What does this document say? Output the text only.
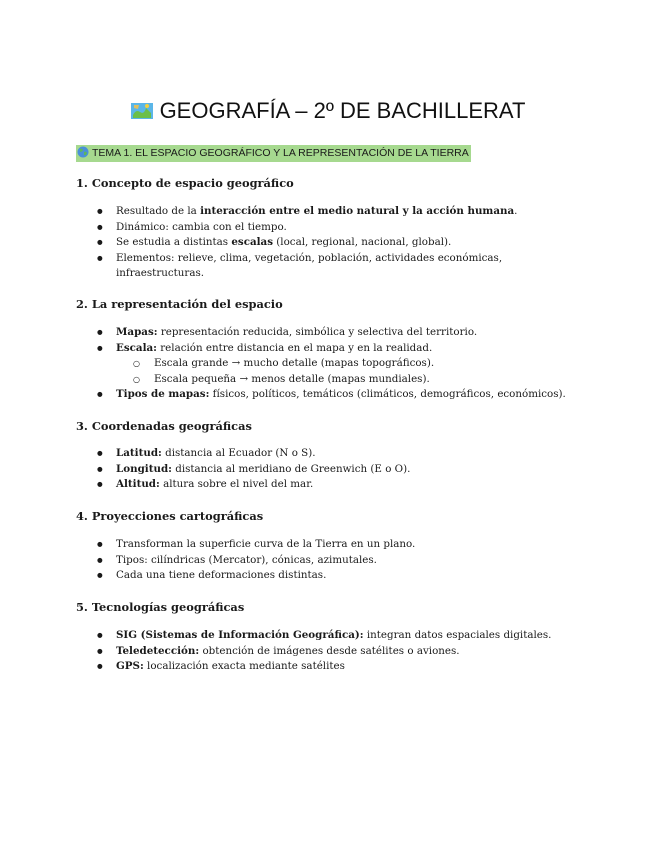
GEOGRAFÍA – 2º DE BACHILLERAT
TEMA 1. EL ESPACIO GEOGRÁFICO Y LA REPRESENTACIÓN DE LA TIERRA
1. Concepto de espacio geográfico
● Resultado de la interacción entre el medio natural y la acción humana.
● Dinámico: cambia con el tiempo.
● Se estudia a distintas escalas (local, regional, nacional, global).
● Elementos: relieve, clima, vegetación, población, actividades económicas, infraestructuras.
2. La representación del espacio
● Mapas: representación reducida, simbólica y selectiva del territorio.
● Escala: relación entre distancia en el mapa y en la realidad.
○ Escala grande → mucho detalle (mapas topográficos).
○ Escala pequeña → menos detalle (mapas mundiales).
● Tipos de mapas: físicos, políticos, temáticos (climáticos, demográficos, económicos).
3. Coordenadas geográficas
● Latitud: distancia al Ecuador (N o S).
● Longitud: distancia al meridiano de Greenwich (E o O).
● Altitud: altura sobre el nivel del mar.
4. Proyecciones cartográficas
● Transforman la superficie curva de la Tierra en un plano.
● Tipos: cilíndricas (Mercator), cónicas, azimutales.
● Cada una tiene deformaciones distintas.
5. Tecnologías geográficas
● SIG (Sistemas de Información Geográfica): integran datos espaciales digitales.
● Teledetección: obtención de imágenes desde satélites o aviones.
● GPS: localización exacta mediante satélites
